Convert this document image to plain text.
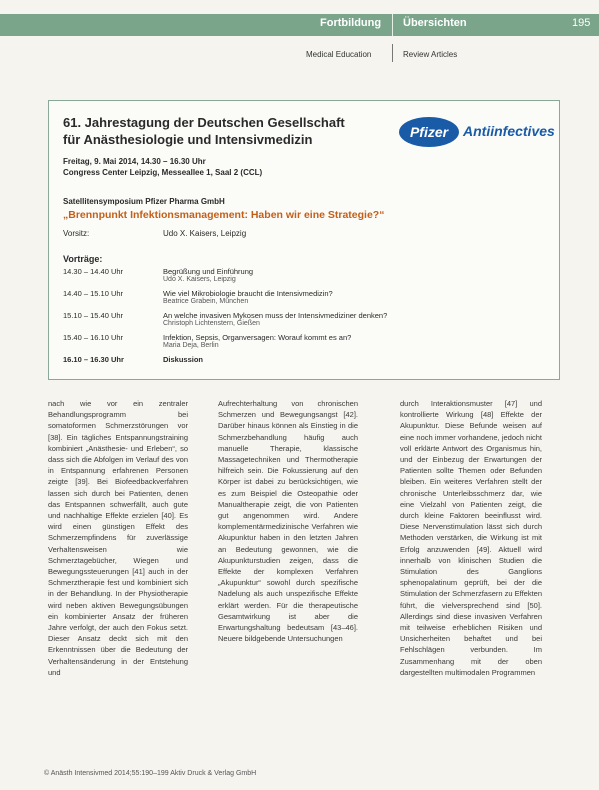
Fortbildung Übersichten	195
Medical Education	Review Articles
61. Jahrestagung der Deutschen Gesellschaft
für Anästhesiologie und Intensivmedizin	Pfizer	Antiinfectives
Freitag, 9. Mai 2014, 14.30 – 16.30 Uhr
Congress Center Leipzig, Messeallee 1, Saal 2 (CCL)
Satellitensymposium Pfizer Pharma GmbH
„Brennpunkt Infektionsmanagement: Haben wir eine Strategie?“
Vorsitz:	Udo X. Kaisers, Leipzig
Vorträge:
14.30 – 14.40 Uhr	Begrüßung und Einführung
Udo X. Kaisers, Leipzig
14.40 – 15.10 Uhr	Wie viel Mikrobiologie braucht die Intensivmedizin?
Beatrice Grabein, München
15.10 – 15.40 Uhr	An welche invasiven Mykosen muss der Intensivmediziner denken?
Christoph Lichtenstern, Gießen
15.40 – 16.10 Uhr	Infektion, Sepsis, Organversagen: Worauf kommt es an?
Maria Deja, Berlin
16.10 – 16.30 Uhr	Diskussion
nach wie vor ein zentraler Behandlungsprogramm bei somatoformen Schmerzstörungen vor [38]. Ein tägliches Entspannungstraining kombiniert „Anästhesie- und Erleben“, so dass sich die Abfolgen im Verlauf des von in Entspannung erfahrenen Personen zeigte [39]. Bei Biofeedbackverfahren lassen sich durch bei Patienten, denen das Entspannen schwerfällt, auch gute und nachhaltige Effekte erzielen [40]. Es wird einen günstigen Effekt des Schmerzempfindens für zuverlässige Verhaltensweisen wie Schmerztagebücher, Wiegen und Bewegungssteuerungen [41] auch in der Schmerztherapie fest und kombiniert sich in der Behandlung. In der Physiotherapie wird neben aktiven Bewegungsübungen ein kombinierter Ansatz der früheren Jahre verfolgt, der auch den Fokus setzt. Dieser Ansatz deckt sich mit den Erkenntnissen über die Bedeutung der Verhaltensänderung in der Entstehung und
Aufrechterhaltung von chronischen Schmerzen und Bewegungsangst [42]. Darüber hinaus können als Einstieg in die Schmerzbehandlung häufig auch manuelle Therapie, klassische Massagetechniken und Thermotherapie hilfreich sein. Die Fokussierung auf den Körper ist dabei zu berücksichtigen, wie es zum Beispiel die Osteopathie oder Manualtherapie zeigt, die von Patienten gut angenommen wird. Andere komplementärmedizinische Verfahren wie Akupunktur haben in den letzten Jahren an Bedeutung gewonnen, wie die Akupunkturstudien zeigen, dass die Effekte der komplexen Verfahren „Akupunktur“ sowohl durch spezifische Nadelung als auch unspezifische Effekte erklärt werden. Für die therapeutische Gesamtwirkung ist aber die Erwartungshaltung bedeutsam [43–46]. Neuere bildgebende Untersuchungen
durch Interaktionsmuster [47] und kontrollierte Wirkung [48] Effekte der Akupunktur. Diese Befunde weisen auf eine noch immer vorhandene, jedoch nicht voll erklärte Antwort des Organismus hin, und der Einbezug der Erwartungen der Patienten sollte Themen oder Befunden bleiben. Ein weiteres Verfahren stellt der chronische Unterleibsschmerz dar, wie eine Vielzahl von Patienten zeigt, die durch kleine Faktoren beeinflusst wird. Diese Nervenstimulation lässt sich durch Methoden verstärken, die Wirkung ist mit Erfolg anzuwenden [49]. Aktuell wird innerhalb von klinischen Studien die Stimulation des Ganglions sphenopalatinum geprüft, bei der die Stimulation der Schmerzfasern zu Effekten führt, die vielversprechend sind [50]. Allerdings sind diese invasiven Verfahren mit teilweise erheblichen Risiken und Unsicherheiten behaftet und bei Fehlschlägen verbunden. Im Zusammenhang mit der oben dargestellten multimodalen Programmen
© Anästh Intensivmed 2014;55:190–199 Aktiv Druck & Verlag GmbH
